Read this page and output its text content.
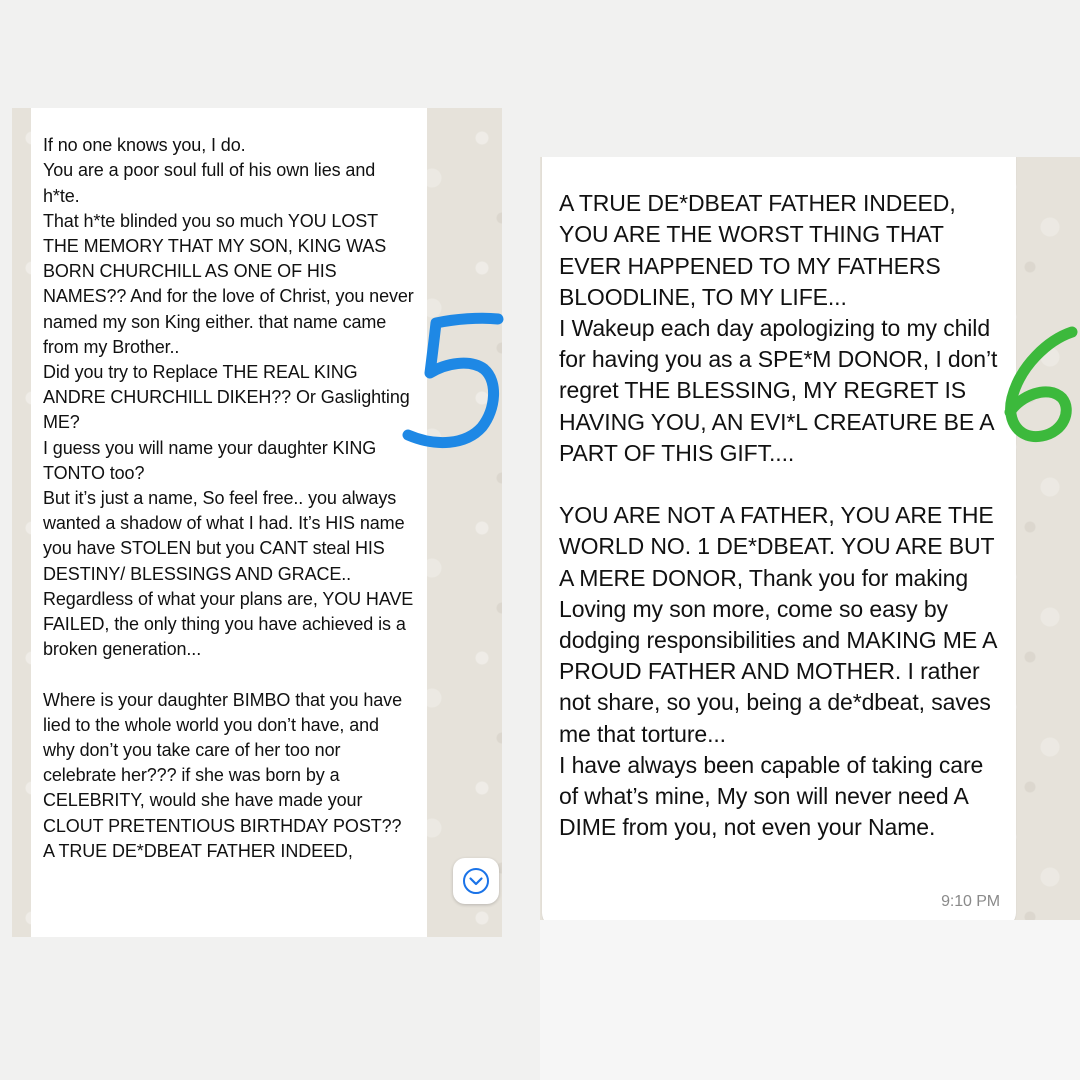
If no one knows you, I do.
You are a poor soul full of his own lies and h*te.
That h*te blinded you so much YOU LOST THE MEMORY THAT MY SON, KING WAS BORN CHURCHILL AS ONE OF HIS NAMES?? And for the love of Christ, you never named my son King either. that name came from my Brother..
Did you try to Replace THE REAL KING ANDRE CHURCHILL DIKEH?? Or Gaslighting ME?
I guess you will name your daughter KING TONTO too?
But it’s just a name, So feel free.. you always wanted a shadow of what I had. It’s HIS name you have STOLEN but you CANT steal HIS DESTINY/ BLESSINGS AND GRACE..
Regardless of what your plans are, YOU HAVE FAILED, the only thing you have achieved is a broken generation...

Where is your daughter BIMBO that you have lied to the whole world you don’t have, and why don’t you take care of her too nor celebrate her??? if she was born by a CELEBRITY, would she have made your CLOUT PRETENTIOUS BIRTHDAY POST??
A TRUE DE*DBEAT FATHER INDEED,

A TRUE DE*DBEAT FATHER INDEED, YOU ARE THE WORST THING THAT EVER HAPPENED TO MY FATHERS BLOODLINE, TO MY LIFE...
I Wakeup each day apologizing to my child for having you as a SPE*M DONOR, I don’t regret THE BLESSING, MY REGRET IS HAVING YOU, AN EVI*L CREATURE BE A PART OF THIS GIFT....

YOU ARE NOT A FATHER, YOU ARE THE WORLD NO. 1 DE*DBEAT. YOU ARE BUT A MERE DONOR, Thank you for making Loving my son more, come so easy by dodging responsibilities and MAKING ME A PROUD FATHER AND MOTHER. I rather not share, so you, being a de*dbeat, saves me that torture...
I have always been capable of taking care of what’s mine, My son will never need A DIME from you, not even your Name.

9:10 PM
